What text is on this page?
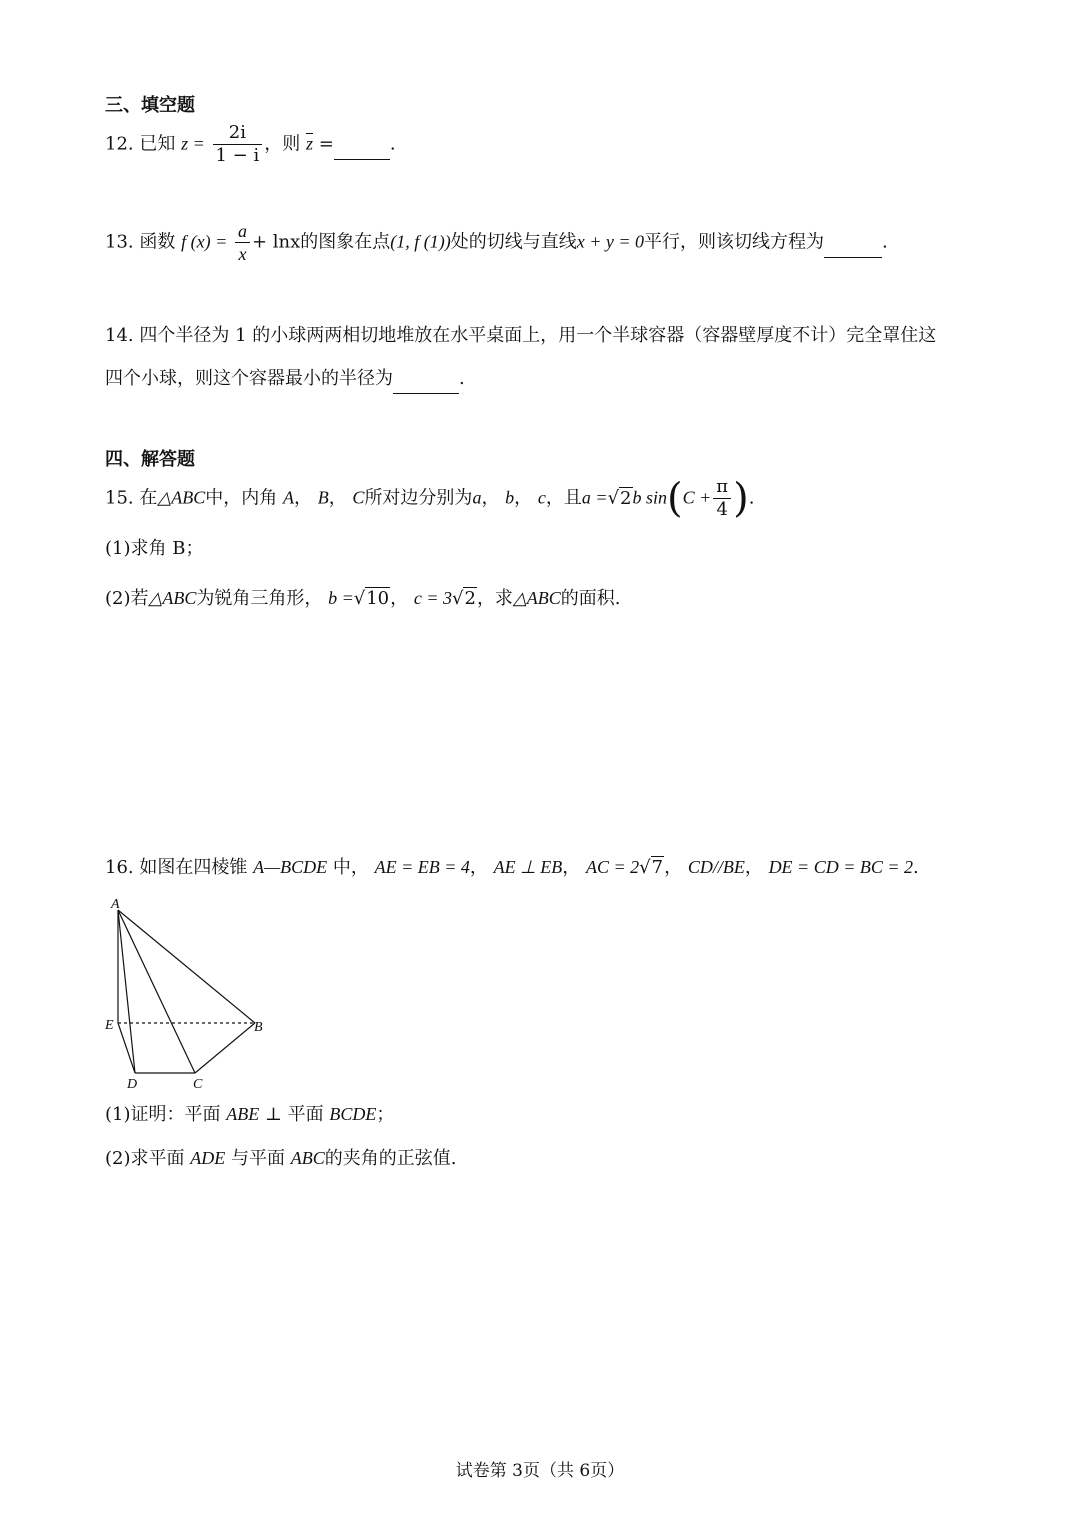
三、填空题
12. 已知 $z = \frac{2i}{1 - i}$ ，则 $\overline{z}$ =	.
13. 函数 f $(x) = \frac{a}{x} + \ln x$的图象在点(1, f (1))处的切线与直线x + y = 0平行，则该切线方程为	.
14. 四个半径为 1 的小球两两相切地堆放在水平桌面上，用一个半球容器（容器壁厚度不计）完全罩住这
四个小球，则这个容器最小的半径为	.
四、解答题
15. 在△ABC中，内角 A， B， C所对边分别为a， b， c，且a =√2b $\sin(C + \frac{\pi}{4}$ ).
(1)求角 B；
(2)若△ABC为锐角三角形， b =√10， c = 3√2，求△ABC的面积.
16. 如图在四棱锥 A—BCDE 中， AE = EB = 4， AE ⊥ EB， AC = 2√7， CD//BE， DE = CD = BC = 2.
A
E	B
D	C
(1)证明：平面 ABE ⊥ 平面 BCDE；
(2)求平面 ADE 与平面 ABC的夹角的正弦值.
试卷第 3页（共 6页）
